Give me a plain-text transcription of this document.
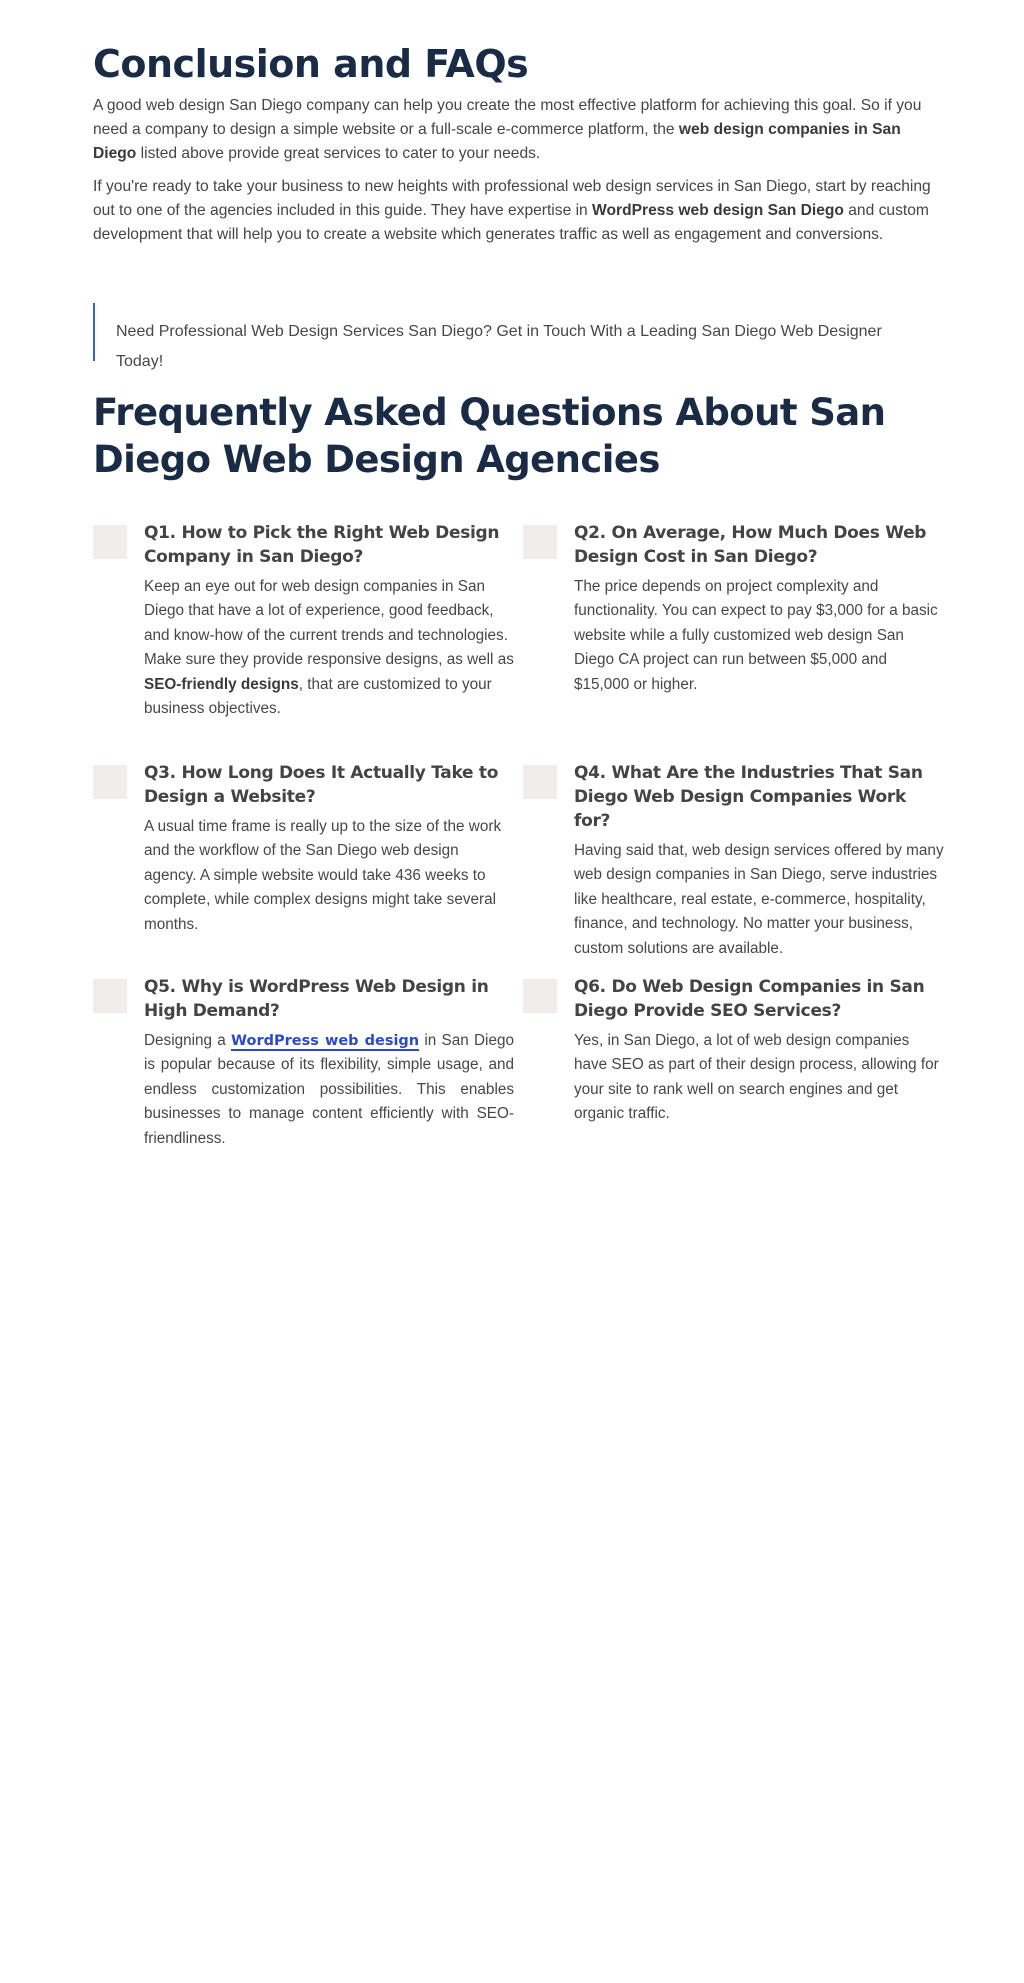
Conclusion and FAQs

A good web design San Diego company can help you create the most effective platform for achieving this goal. So if you need a company to design a simple website or a full-scale e-commerce platform, the web design companies in San Diego listed above provide great services to cater to your needs.

If you're ready to take your business to new heights with professional web design services in San Diego, start by reaching out to one of the agencies included in this guide. They have expertise in WordPress web design San Diego and custom development that will help you to create a website which generates traffic as well as engagement and conversions.

Need Professional Web Design Services San Diego? Get in Touch With a Leading San Diego Web Designer Today!
Frequently Asked Questions About San Diego Web Design Agencies
Q1. How to Pick the Right Web Design Company in San Diego?

Keep an eye out for web design companies in San Diego that have a lot of experience, good feedback, and know-how of the current trends and technologies. Make sure they provide responsive designs, as well as SEO-friendly designs, that are customized to your business objectives.

Q2. On Average, How Much Does Web Design Cost in San Diego?

The price depends on project complexity and functionality. You can expect to pay $3,000 for a basic website while a fully customized web design San Diego CA project can run between $5,000 and $15,000 or higher.

Q3. How Long Does It Actually Take to Design a Website?

A usual time frame is really up to the size of the work and the workflow of the San Diego web design agency. A simple website would take 436 weeks to complete, while complex designs might take several months.

Q4. What Are the Industries That San Diego Web Design Companies Work for?

Having said that, web design services offered by many web design companies in San Diego, serve industries like healthcare, real estate, e-commerce, hospitality, finance, and technology. No matter your business, custom solutions are available.

Q5. Why is WordPress Web Design in High Demand?

Designing a WordPress web design in San Diego is popular because of its flexibility, simple usage, and endless customization possibilities. This enables businesses to manage content efficiently with SEO-friendliness.

Q6. Do Web Design Companies in San Diego Provide SEO Services?

Yes, in San Diego, a lot of web design companies have SEO as part of their design process, allowing for your site to rank well on search engines and get organic traffic.
